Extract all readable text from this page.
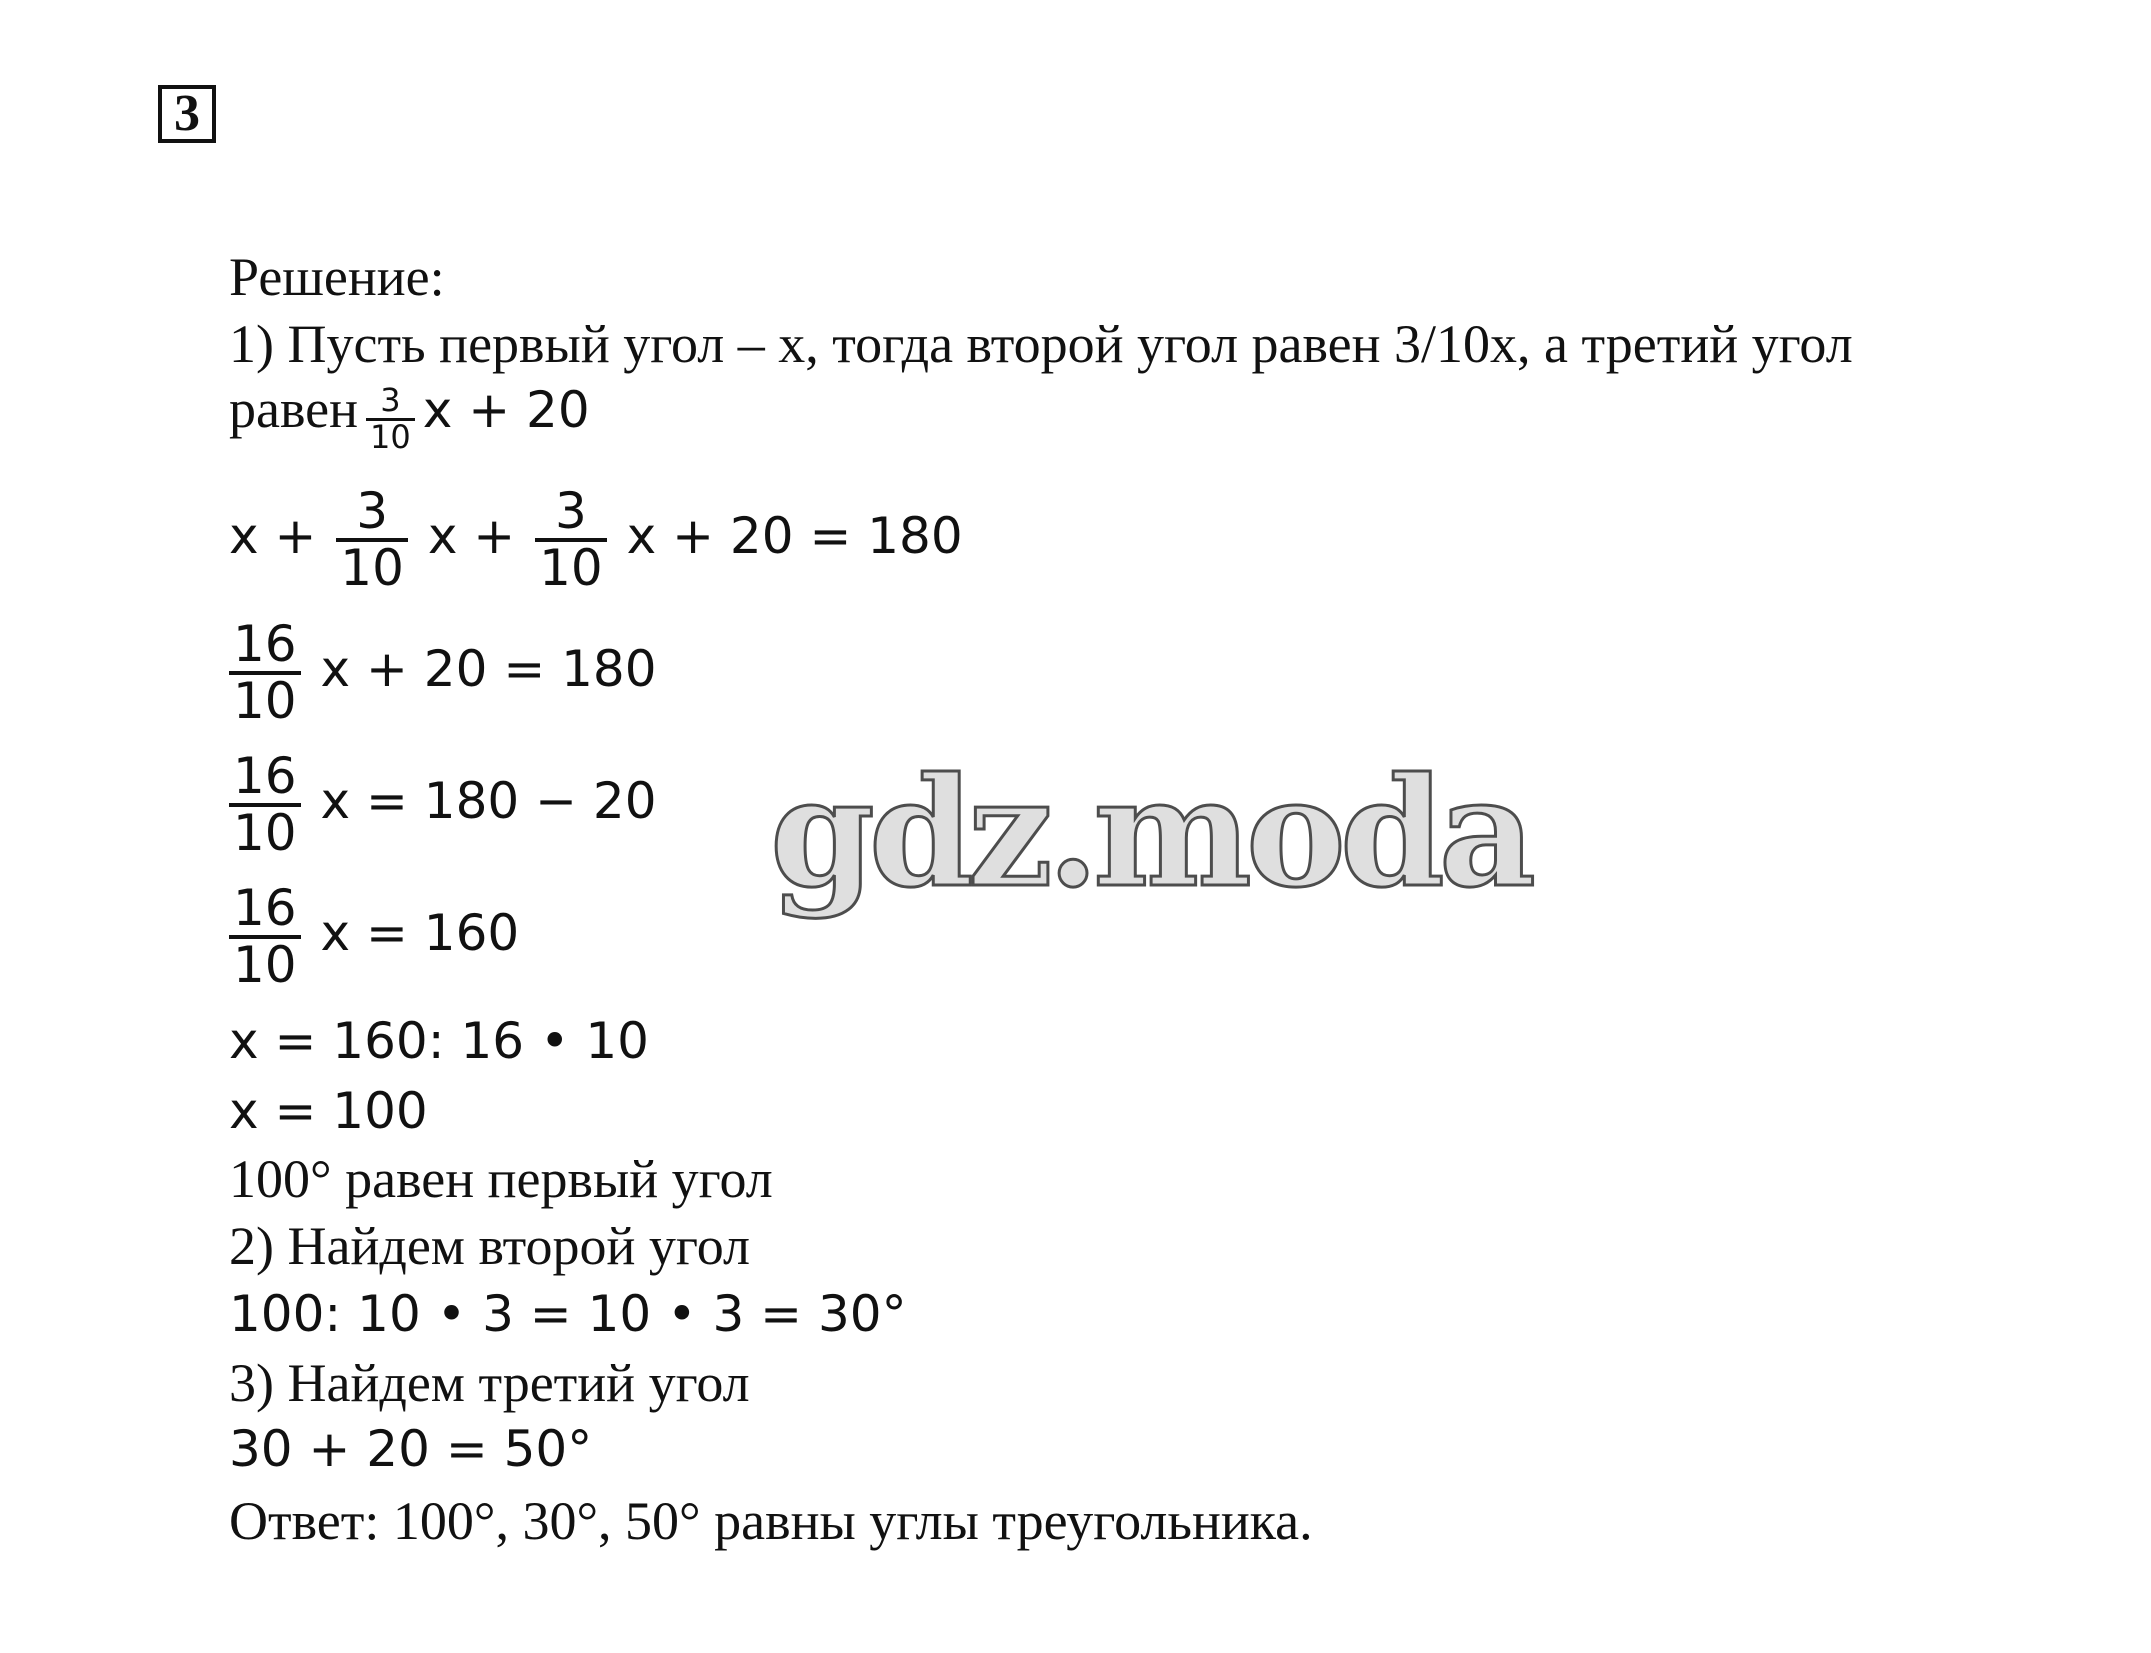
3
Решение:
1) Пусть первый угол – x, тогда второй угол равен 3/10x, а третий угол
равен $\frac{3}{10}$ x + 20
$x + \frac{3}{10}$ $x + \frac{3}{10}$ x + 20 = 180
$\frac{16}{10}$ x + 20 = 180
$\frac{16}{10}$ x = 180 − 20
$\frac{16}{10}$ x = 160
x = 160: 16 • 10
x = 100
100° равен первый угол
2) Найдем второй угол
100: 10 • 3 = 10 • 3 = 30°
3) Найдем третий угол
30 + 20 = 50°
Ответ: 100°, 30°, 50° равны углы треугольника.
gdz.moda
